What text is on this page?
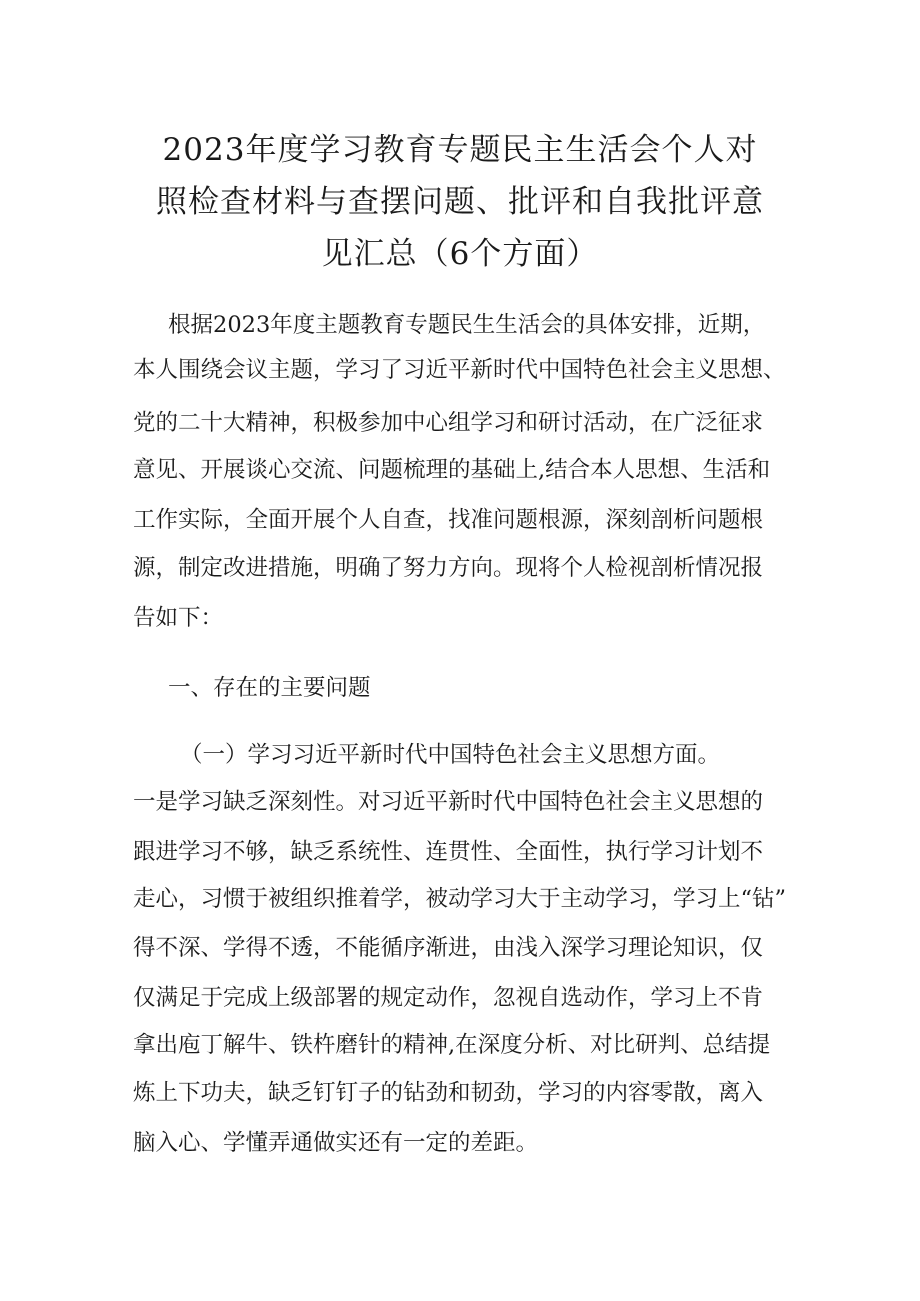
2023年度学习教育专题民主生活会个人对
照检查材料与查摆问题、批评和自我批评意
见汇总（6个方面）
根据2023年度主题教育专题民生生活会的具体安排，近期，
本人围绕会议主题，学习了习近平新时代中国特色社会主义思想、
党的二十大精神，积极参加中心组学习和研讨活动，在广泛征求
意见、开展谈心交流、问题梳理的基础上,结合本人思想、生活和
工作实际，全面开展个人自查，找准问题根源，深刻剖析问题根
源，制定改进措施，明确了努力方向。现将个人检视剖析情况报
告如下：
一、存在的主要问题
（一）学习习近平新时代中国特色社会主义思想方面。
一是学习缺乏深刻性。对习近平新时代中国特色社会主义思想的
跟进学习不够，缺乏系统性、连贯性、全面性，执行学习计划不
走心，习惯于被组织推着学，被动学习大于主动学习，学习上“钻”
得不深、学得不透，不能循序渐进，由浅入深学习理论知识，仅
仅满足于完成上级部署的规定动作，忽视自选动作，学习上不肯
拿出庖丁解牛、铁杵磨针的精神,在深度分析、对比研判、总结提
炼上下功夫，缺乏钉钉子的钻劲和韧劲，学习的内容零散，离入
脑入心、学懂弄通做实还有一定的差距。
